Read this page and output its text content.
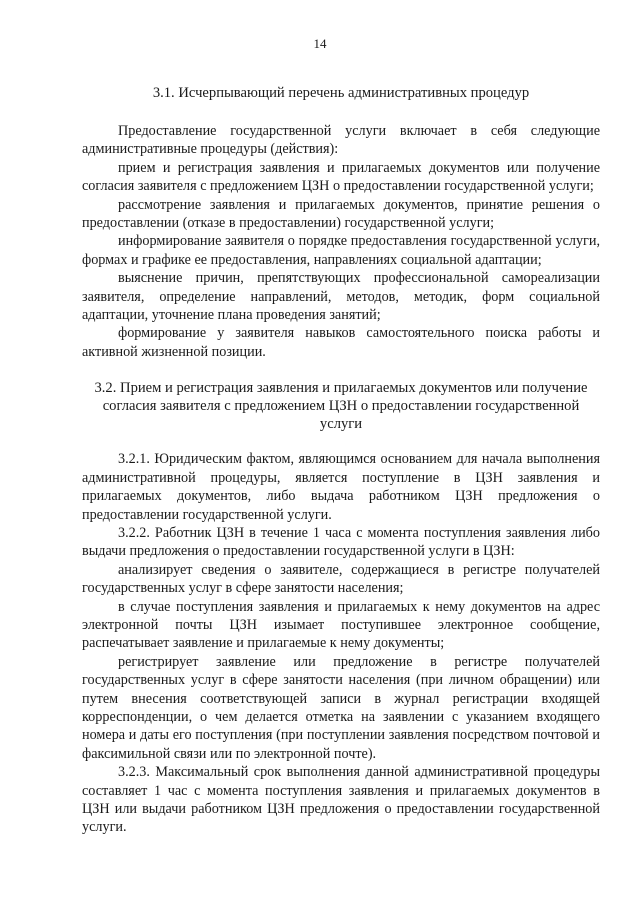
14

3.1. Исчерпывающий перечень административных процедур

Предоставление государственной услуги включает в себя следующие административные процедуры (действия):

прием и регистрация заявления и прилагаемых документов или получение согласия заявителя с предложением ЦЗН о предоставлении государственной услуги;

рассмотрение заявления и прилагаемых документов, принятие решения о предоставлении (отказе в предоставлении) государственной услуги;

информирование заявителя о порядке предоставления государственной услуги, формах и графике ее предоставления, направлениях социальной адаптации;

выяснение причин, препятствующих профессиональной самореализации заявителя, определение направлений, методов, методик, форм социальной адаптации, уточнение плана проведения занятий;

формирование у заявителя навыков самостоятельного поиска работы и активной жизненной позиции.

3.2. Прием и регистрация заявления и прилагаемых документов или получение согласия заявителя с предложением ЦЗН о предоставлении государственной услуги

3.2.1. Юридическим фактом, являющимся основанием для начала выполнения административной процедуры, является поступление в ЦЗН заявления и прилагаемых документов, либо выдача работником ЦЗН предложения о предоставлении государственной услуги.

3.2.2. Работник ЦЗН в течение 1 часа с момента поступления заявления либо выдачи предложения о предоставлении государственной услуги в ЦЗН:

анализирует сведения о заявителе, содержащиеся в регистре получателей государственных услуг в сфере занятости населения;

в случае поступления заявления и прилагаемых к нему документов на адрес электронной почты ЦЗН изымает поступившее электронное сообщение, распечатывает заявление и прилагаемые к нему документы;

регистрирует заявление или предложение в регистре получателей государственных услуг в сфере занятости населения (при личном обращении) или путем внесения соответствующей записи в журнал регистрации входящей корреспонденции, о чем делается отметка на заявлении с указанием входящего номера и даты его поступления (при поступлении заявления посредством почтовой и факсимильной связи или по электронной почте).

3.2.3. Максимальный срок выполнения данной административной процедуры составляет 1 час с момента поступления заявления и прилагаемых документов в ЦЗН или выдачи работником ЦЗН предложения о предоставлении государственной услуги.
